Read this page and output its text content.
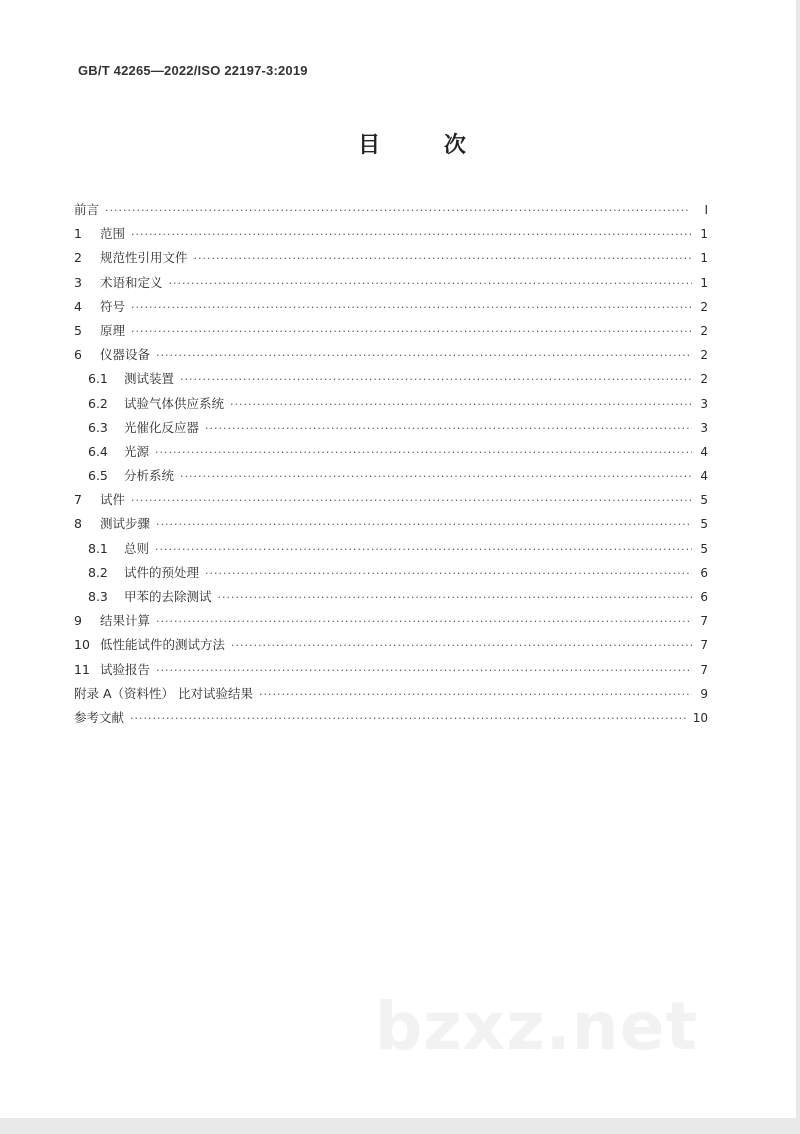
GB/T 42265—2022/ISO 22197-3:2019
目 次
前言 ·····	Ⅰ
1	范围 ·····	1
2	规范性引用文件 ·····	1
3	术语和定义 ·····	1
4	符号 ·····	2
5	原理 ·····	2
6	仪器设备 ·····	2
6.1	测试装置 ·····	2
6.2	试验气体供应系统 ·····	3
6.3	光催化反应器 ·····	3
6.4	光源 ·····	4
6.5	分析系统 ·····	4
7	试件 ·····	5
8	测试步骤 ·····	5
8.1	总则 ·····	5
8.2	试件的预处理 ·····	6
8.3	甲苯的去除测试 ·····	6
9	结果计算 ·····	7
10 低性能试件的测试方法 ·····	7
11 试验报告 ·····	7
附录 A（资料性） 比对试验结果 ·····	9
参考文献 ·····	10
bzxz.net
